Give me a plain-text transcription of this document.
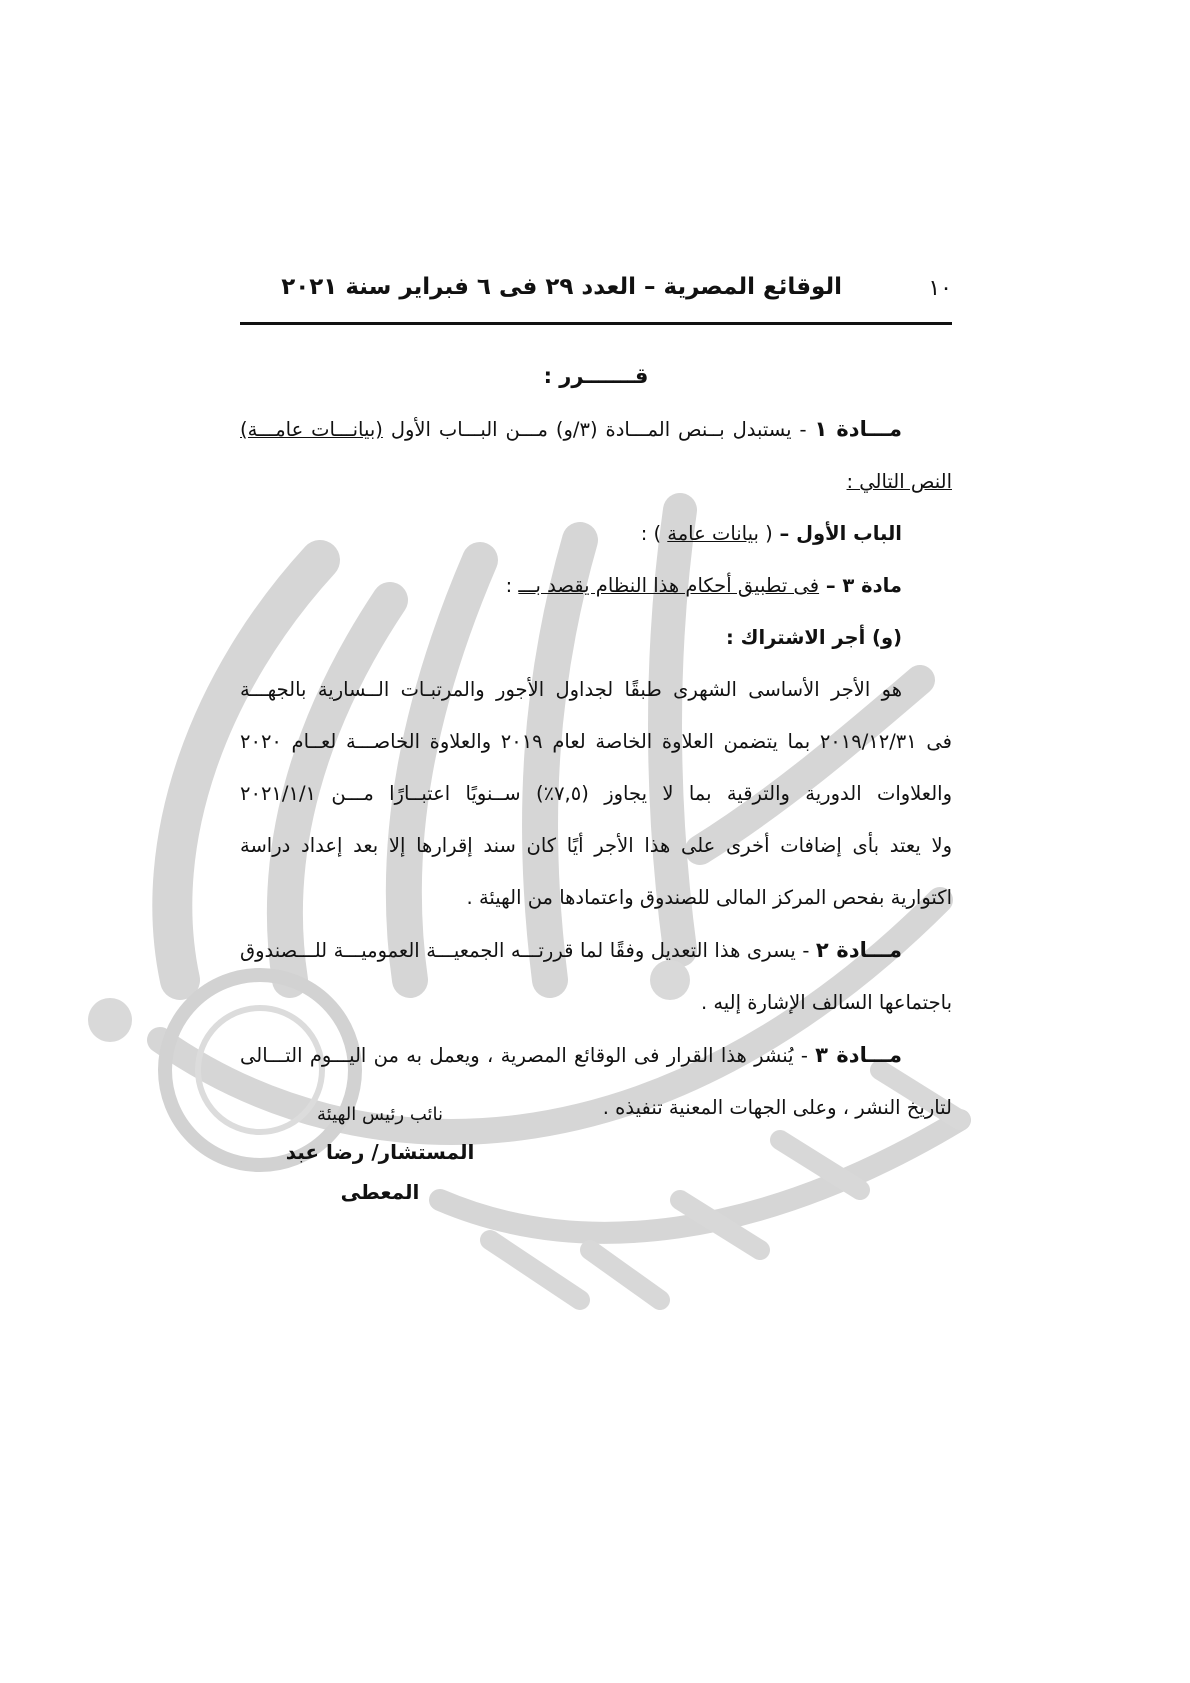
١٠
الوقائع المصرية – العدد ٢٩ فى ٦ فبراير سنة ٢٠٢١

قـــــــرر :

مـــادة ١ - يستبدل بــنص المـــادة (٣/و) مـــن البـــاب الأول (بيانـــات عامـــة)

النص التالي :

الباب الأول – ( بيانات عامة ) :

مادة ٣ – فى تطبيق أحكام هذا النظام يقصد بـــ :

(و) أجر الاشتراك :

هو الأجر الأساسى الشهرى طبقًا لجداول الأجور والمرتبـات الــسارية بالجهـــة

فى ٢٠١٩/١٢/٣١ بما يتضمن العلاوة الخاصة لعام ٢٠١٩ والعلاوة الخاصـــة لعــام ٢٠٢٠

والعلاوات الدورية والترقية بما لا يجاوز (٧,٥٪) ســنويًا اعتبــارًا مـــن ٢٠٢١/١/١

ولا يعتد بأى إضافات أخرى على هذا الأجر أيًا كان سند إقرارها إلا بعد إعداد دراسة

اكتوارية بفحص المركز المالى للصندوق واعتمادها من الهيئة .

مـــادة ٢ - يسرى هذا التعديل وفقًا لما قررتـــه الجمعيـــة العموميـــة للـــصندوق

باجتماعها السالف الإشارة إليه .

مـــادة ٣ - يُنشر هذا القرار فى الوقائع المصرية ، ويعمل به من اليـــوم التـــالى

لتاريخ النشر ، وعلى الجهات المعنية تنفيذه .

نائب رئيس الهيئة
المستشار/ رضا عبد المعطى
